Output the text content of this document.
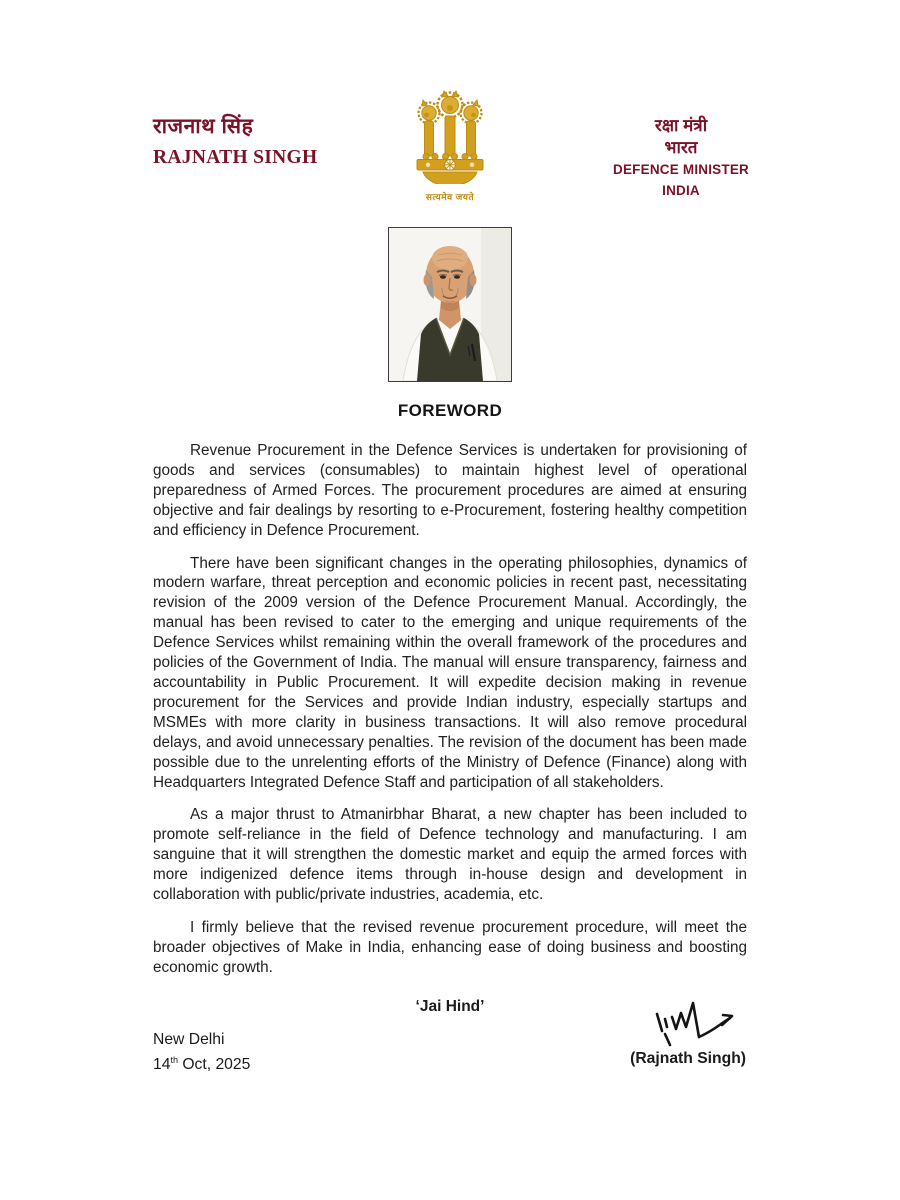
राजनाथ सिंह
RAJNATH SINGH
सत्यमेव जयते
रक्षा मंत्री
भारत
DEFENCE MINISTER
INDIA
FOREWORD

Revenue Procurement in the Defence Services is undertaken for provisioning of goods and services (consumables) to maintain highest level of operational preparedness of Armed Forces. The procurement procedures are aimed at ensuring objective and fair dealings by resorting to e-Procurement, fostering healthy competition and efficiency in Defence Procurement.

There have been significant changes in the operating philosophies, dynamics of modern warfare, threat perception and economic policies in recent past, necessitating revision of the 2009 version of the Defence Procurement Manual. Accordingly, the manual has been revised to cater to the emerging and unique requirements of the Defence Services whilst remaining within the overall framework of the procedures and policies of the Government of India. The manual will ensure transparency, fairness and accountability in Public Procurement. It will expedite decision making in revenue procurement for the Services and provide Indian industry, especially startups and MSMEs with more clarity in business transactions. It will also remove procedural delays, and avoid unnecessary penalties. The revision of the document has been made possible due to the unrelenting efforts of the Ministry of Defence (Finance) along with Headquarters Integrated Defence Staff and participation of all stakeholders.

As a major thrust to Atmanirbhar Bharat, a new chapter has been included to promote self-reliance in the field of Defence technology and manufacturing. I am sanguine that it will strengthen the domestic market and equip the armed forces with more indigenized defence items through in-house design and development in collaboration with public/private industries, academia, etc.

I firmly believe that the revised revenue procurement procedure, will meet the broader objectives of Make in India, enhancing ease of doing business and boosting economic growth.

‘Jai Hind’
New Delhi
14th Oct, 2025	(Rajnath Singh)
